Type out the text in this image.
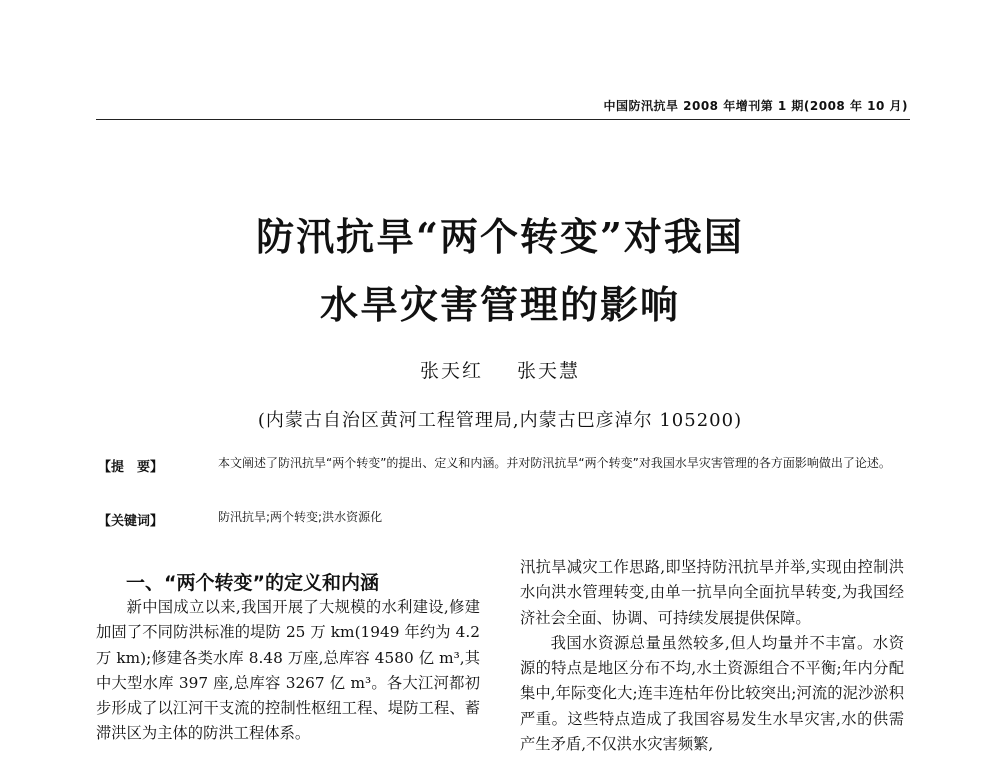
中国防汛抗旱 2008 年增刊第 1 期(2008 年 10 月)
防汛抗旱“两个转变”对我国
水旱灾害管理的影响
张天红 张天慧
(内蒙古自治区黄河工程管理局,内蒙古巴彦淖尔 105200)
【提　要】	本文阐述了防汛抗旱“两个转变”的提出、定义和内涵。并对防汛抗旱“两个转变”对我国水旱灾害管理的各方面影响做出了论述。
【关键词】	防汛抗旱;两个转变;洪水资源化
一、“两个转变”的定义和内涵

新中国成立以来,我国开展了大规模的水利建设,修建加固了不同防洪标准的堤防 25 万 km(1949 年约为 4.2 万 km);修建各类水库 8.48 万座,总库容 4580 亿 m³,其中大型水库 397 座,总库容 3267 亿 m³。各大江河都初步形成了以江河干支流的控制性枢纽工程、堤防工程、蓄滞洪区为主体的防洪工程体系。

汛抗旱减灾工作思路,即坚持防汛抗旱并举,实现由控制洪水向洪水管理转变,由单一抗旱向全面抗旱转变,为我国经济社会全面、协调、可持续发展提供保障。

我国水资源总量虽然较多,但人均量并不丰富。水资源的特点是地区分布不均,水土资源组合不平衡;年内分配集中,年际变化大;连丰连枯年份比较突出;河流的泥沙淤积严重。这些特点造成了我国容易发生水旱灾害,水的供需产生矛盾,不仅洪水灾害频繁,
